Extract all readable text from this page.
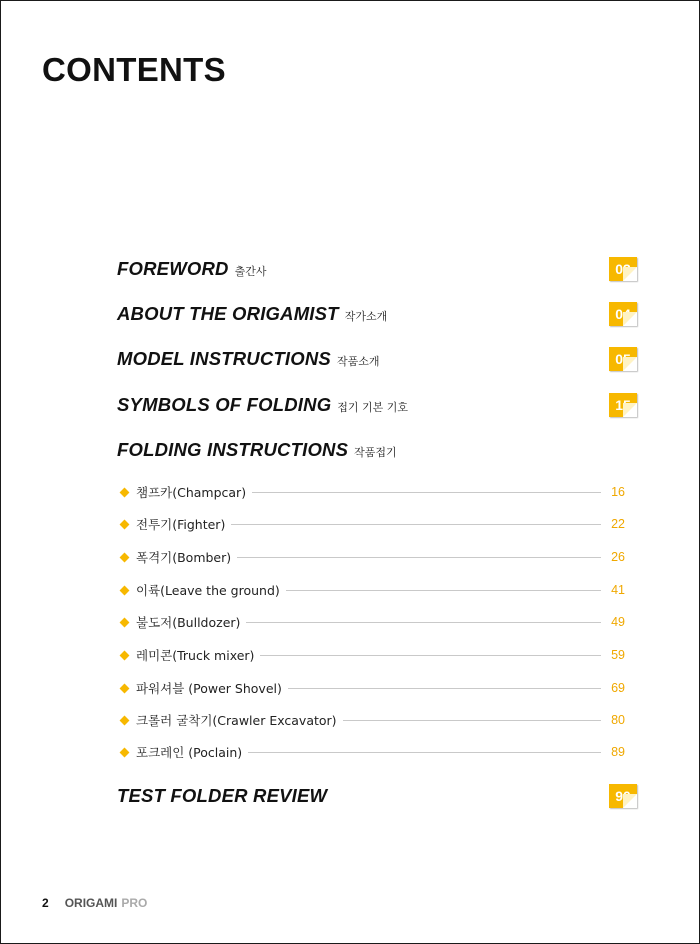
CONTENTS
FOREWORD 출간사	03
ABOUT THE ORIGAMIST 작가소개	04
MODEL INSTRUCTIONS 작품소개	05
SYMBOLS OF FOLDING 접기 기본 기호	15
FOLDING INSTRUCTIONS 작품접기
챔프카(Champcar)	16
전투기(Fighter)	22
폭격기(Bomber)	26
이륙(Leave the ground)	41
불도저(Bulldozer)	49
레미콘(Truck mixer)	59
파워셔블 (Power Shovel)	69
크롤러 굴착기(Crawler Excavator)	80
포크레인 (Poclain)	89
TEST FOLDER REVIEW	90
2 ORIGAMI PRO
